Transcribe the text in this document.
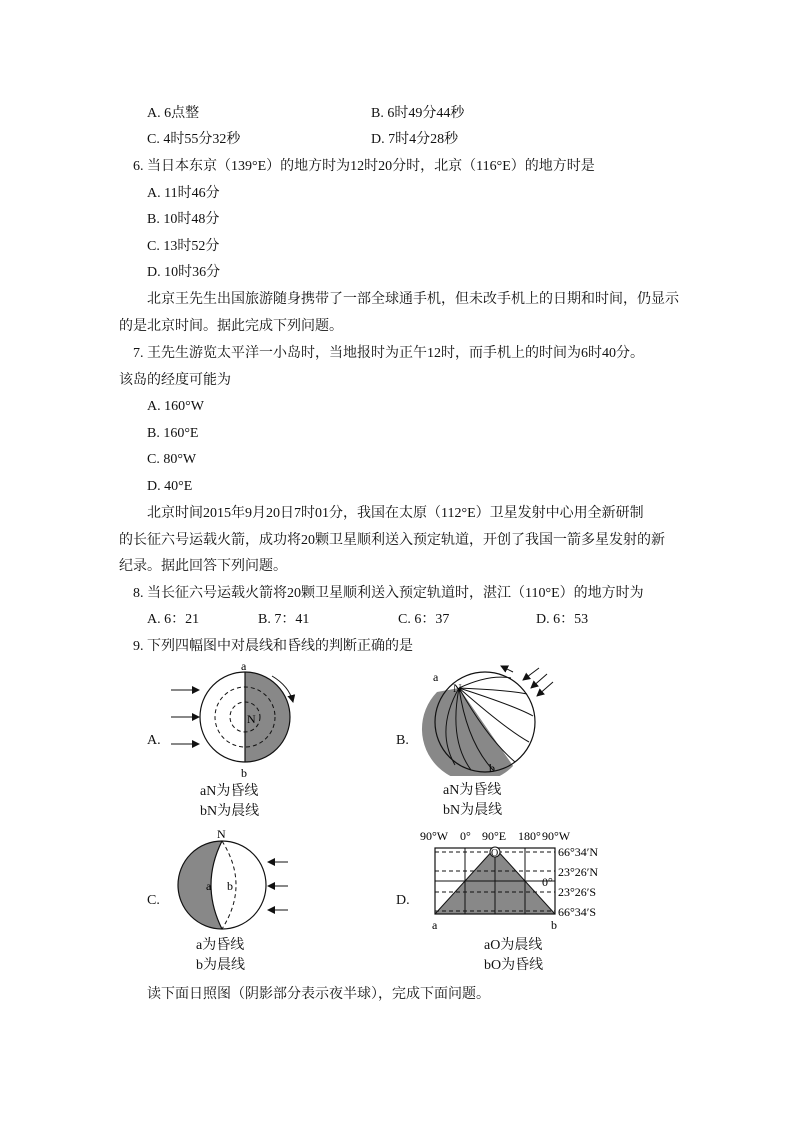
A. 6点整	B. 6时49分44秒
C. 4时55分32秒	D. 7时4分28秒
6. 当日本东京（139°E）的地方时为12时20分时，北京（116°E）的地方时是
A. 11时46分
B. 10时48分
C. 13时52分
D. 10时36分
北京王先生出国旅游随身携带了一部全球通手机，但未改手机上的日期和时间，仍显示
的是北京时间。据此完成下列问题。
7. 王先生游览太平洋一小岛时，当地报时为正午12时，而手机上的时间为6时40分。
该岛的经度可能为
A. 160°W
B. 160°E
C. 80°W
D. 40°E
北京时间2015年9月20日7时01分，我国在太原（112°E）卫星发射中心用全新研制
的长征六号运载火箭，成功将20颗卫星顺利送入预定轨道，开创了我国一箭多星发射的新
纪录。据此回答下列问题。
8. 当长征六号运载火箭将20颗卫星顺利送入预定轨道时，湛江（110°E）的地方时为
A. 6：21	B. 7：41	C. 6：37	D. 6：53
9. 下列四幅图中对晨线和昏线的判断正确的是
A.
a
b
N
aN为昏线
bN为晨线
B.
a
N
b
aN为昏线
bN为晨线
C.
N
a b
a为昏线
b为晨线
D.
90°W 0° 90°E 180° 90°W
O	66°34′N
23°26′N
0°
23°26′S
66°34′S
a	b
aO为晨线
bO为昏线
读下面日照图（阴影部分表示夜半球），完成下面问题。
